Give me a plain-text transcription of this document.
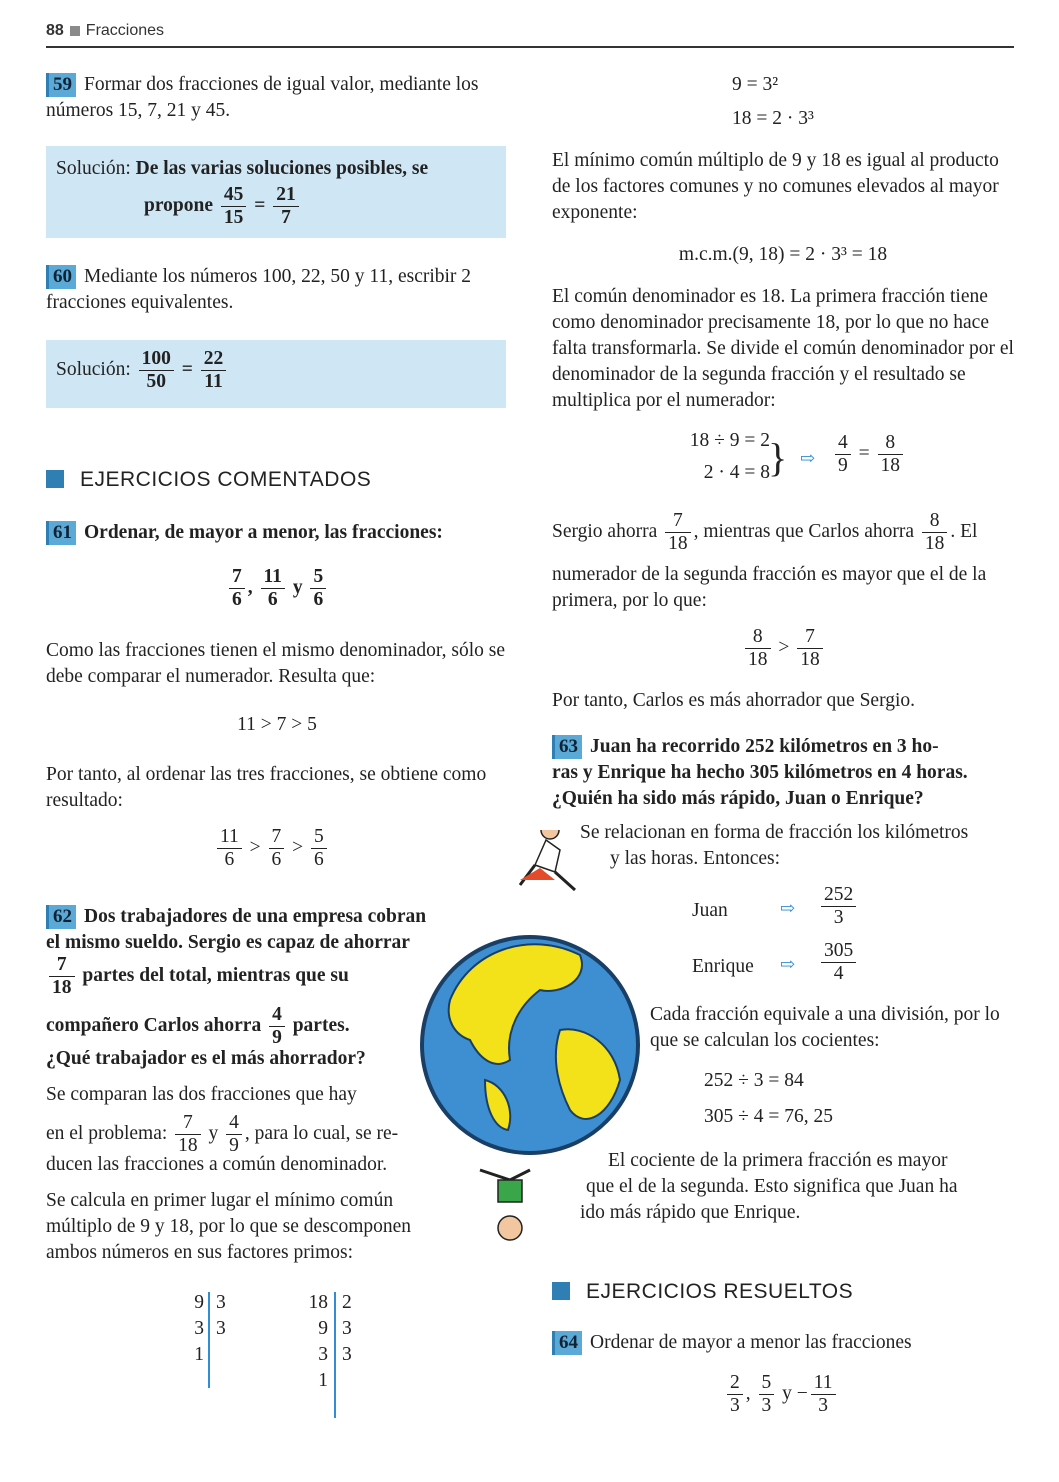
88 Fracciones
59 Formar dos fracciones de igual valor, mediante los números 15, 7, 21 y 45.
Solución: De las varias soluciones posibles, se
propone $\frac{45}{15} = \frac{21}{7}$
60 Mediante los números 100, 22, 50 y 11, escribir 2 fracciones equivalentes.
Solución: $\frac{100}{50} = \frac{22}{11}$
EJERCICIOS COMENTADOS
61 Ordenar, de mayor a menor, las fracciones:
$\frac{7}{6}$ , $\frac{11}{6}$ y $\frac{5}{6}$
Como las fracciones tienen el mismo denominador, sólo se debe comparar el numerador. Resulta que:
11 > 7 > 5
Por tanto, al ordenar las tres fracciones, se obtiene como resultado:
$\frac{11}{6} > \frac{7}{6} > \frac{5}{6}$
62 Dos trabajadores de una empresa cobran
el mismo sueldo. Sergio es capaz de ahorrar
$\frac{7}{18}$ partes del total, mientras que su
compañero Carlos ahorra $\frac{4}{9}$ partes.
¿Qué trabajador es el más ahorrador?
Se comparan las dos fracciones que hay
en el problema: $\frac{7}{18}$ y $\frac{4}{9}$ , para lo cual, se re-
ducen las fracciones a común denominador.
Se calcula en primer lugar el mínimo común múltiplo de 9 y 18, por lo que se descomponen ambos números en sus factores primos:
9
3
1
3
3
18
9
3
1
2
3
3
9 = 3²
18 = 2 · 3³
El mínimo común múltiplo de 9 y 18 es igual al producto de los factores comunes y no comunes elevados al mayor exponente:
m.c.m.(9, 18) = 2 · 3³ = 18
El común denominador es 18. La primera fracción tiene como denominador precisamente 18, por lo que no hace falta transformarla. Se divide el común denominador por el denominador de la segunda fracción y el resultado se multiplica por el numerador:
18 ÷ 9 = 2
2 · 4 = 8
} ⇨ $\frac{4}{9} = \frac{8}{18}$
Sergio ahorra $\frac{7}{18}$ , mientras que Carlos ahorra $\frac{8}{18}$ . El
numerador de la segunda fracción es mayor que el de la primera, por lo que:
$\frac{8}{18} > \frac{7}{18}$
Por tanto, Carlos es más ahorrador que Sergio.
63 Juan ha recorrido 252 kilómetros en 3 ho-
ras y Enrique ha hecho 305 kilómetros en 4 horas.
¿Quién ha sido más rápido, Juan o Enrique?
Se relacionan en forma de fracción los kilómetros
y las horas. Entonces:
Juan	⇨ $\frac{252}{3}$
Enrique ⇨ $\frac{305}{4}$
Cada fracción equivale a una división, por lo que se calculan los cocientes:
252 ÷ 3 = 84
305 ÷ 4 = 76, 25
El cociente de la primera fracción es mayor
que el de la segunda. Esto significa que Juan ha
ido más rápido que Enrique.
EJERCICIOS RESUELTOS
64 Ordenar de mayor a menor las fracciones
$\frac{2}{3}$ , $\frac{5}{3}$ $y - \frac{11}{3}$
